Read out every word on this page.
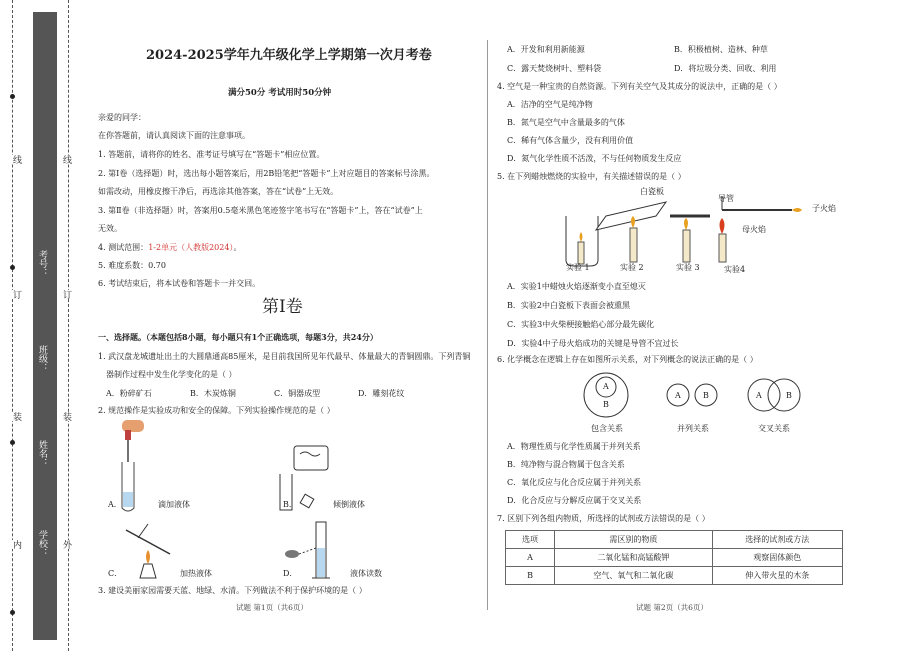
线	线
订	订
装	装
内	外
考号：
班级：
姓名：
学校：
2024-2025学年九年级化学上学期第一次月考卷
满分50分 考试用时50分钟
亲爱的同学：
在你答题前，请认真阅读下面的注意事项。
1. 答题前，请将你的姓名、准考证号填写在“答题卡”相应位置。
2. 第Ⅰ卷（选择题）时，选出每小题答案后，用2B铅笔把“答题卡”上对应题目的答案标号涂黑。
如需改动，用橡皮擦干净后，再选涂其他答案，答在“试卷”上无效。
3. 第Ⅱ卷（非选择题）时，答案用0.5毫米黑色笔迹签字笔书写在“答题卡”上，答在“试卷”上
无效。
4. 测试范围：1-2单元（人教版2024）。
5. 难度系数：0.70
6. 考试结束后，将本试卷和答题卡一并交回。
第Ⅰ卷
一、选择题。（本题包括8小题，每小题只有1个正确选项，每题3分，共24分）
1. 武汉盘龙城遗址出土的大圆鼎通高85厘米，是目前我国所见年代最早、体量最大的青铜圆鼎。下列青铜
器制作过程中发生化学变化的是（ ）
A．粉碎矿石	B．木炭炼铜	C．铜器成型	D．雕刻花纹
2. 规范操作是实验成功和安全的保障。下列实验操作规范的是（ ）
A．	滴加液体	B．	倾倒液体
C．	加热液体	D．	液体读数
3. 建设美丽家园需要天蓝、地绿、水清。下列做法不利于保护环境的是（ ）
试题 第1页（共6页）
A．开发和利用新能源	B．积极植树、造林、种草
C．露天焚烧树叶、塑料袋	D．将垃圾分类、回收、利用
4. 空气是一种宝贵的自然资源。下列有关空气及其成分的说法中，正确的是（ ）
A．洁净的空气是纯净物
B．氮气是空气中含量最多的气体
C．稀有气体含量少，没有利用价值
D．氮气化学性质不活泼，不与任何物质发生反应
5. 在下列蜡烛燃烧的实验中，有关描述错误的是（ ）
白瓷板
导管
子火焰
母火焰
实验 1	实验 2	实验 3	实验4
A．实验1中蜡烛火焰逐渐变小直至熄灭
B．实验2中白瓷板下表面会被熏黑
C．实验3中火柴梗接触焰心部分最先碳化
D．实验4中子母火焰成功的关键是导管不宜过长
6. 化学概念在逻辑上存在如图所示关系，对下列概念的说法正确的是（ ）
A
B
A	B	A	B
包含关系	并列关系	交叉关系
A．物理性质与化学性质属于并列关系
B．纯净物与混合物属于包含关系
C．氧化反应与化合反应属于并列关系
D．化合反应与分解反应属于交叉关系
7. 区别下列各组内物质，所选择的试剂或方法错误的是（ ）
选项	需区别的物质	选择的试剂或方法
A	二氧化锰和高锰酸钾	观察固体颜色
B	空气、氧气和二氧化碳	伸入带火星的木条
试题 第2页（共6页）
